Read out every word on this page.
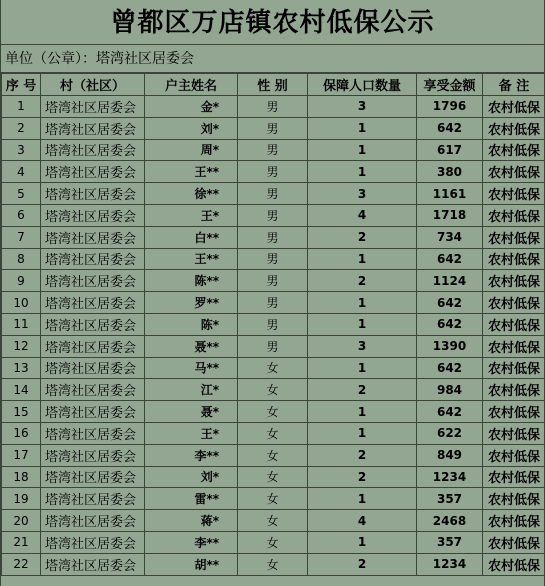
曾都区万店镇农村低保公示
单位（公章）：塔湾社区居委会
序 号	村（社区）	户主姓名	性 别	保障人口数量	享受金额	备 注
1	塔湾社区居委会	金*	男	3	1796	农村低保
2	塔湾社区居委会	刘*	男	1	642	农村低保
3	塔湾社区居委会	周*	男	1	617	农村低保
4	塔湾社区居委会	王**	男	1	380	农村低保
5	塔湾社区居委会	徐**	男	3	1161	农村低保
6	塔湾社区居委会	王*	男	4	1718	农村低保
7	塔湾社区居委会	白**	男	2	734	农村低保
8	塔湾社区居委会	王**	男	1	642	农村低保
9	塔湾社区居委会	陈**	男	2	1124	农村低保
10	塔湾社区居委会	罗**	男	1	642	农村低保
11	塔湾社区居委会	陈*	男	1	642	农村低保
12	塔湾社区居委会	聂**	男	3	1390	农村低保
13	塔湾社区居委会	马**	女	1	642	农村低保
14	塔湾社区居委会	江*	女	2	984	农村低保
15	塔湾社区居委会	聂*	女	1	642	农村低保
16	塔湾社区居委会	王*	女	1	622	农村低保
17	塔湾社区居委会	李**	女	2	849	农村低保
18	塔湾社区居委会	刘*	女	2	1234	农村低保
19	塔湾社区居委会	雷**	女	1	357	农村低保
20	塔湾社区居委会	蒋*	女	4	2468	农村低保
21	塔湾社区居委会	李**	女	1	357	农村低保
22	塔湾社区居委会	胡**	女	2	1234	农村低保
